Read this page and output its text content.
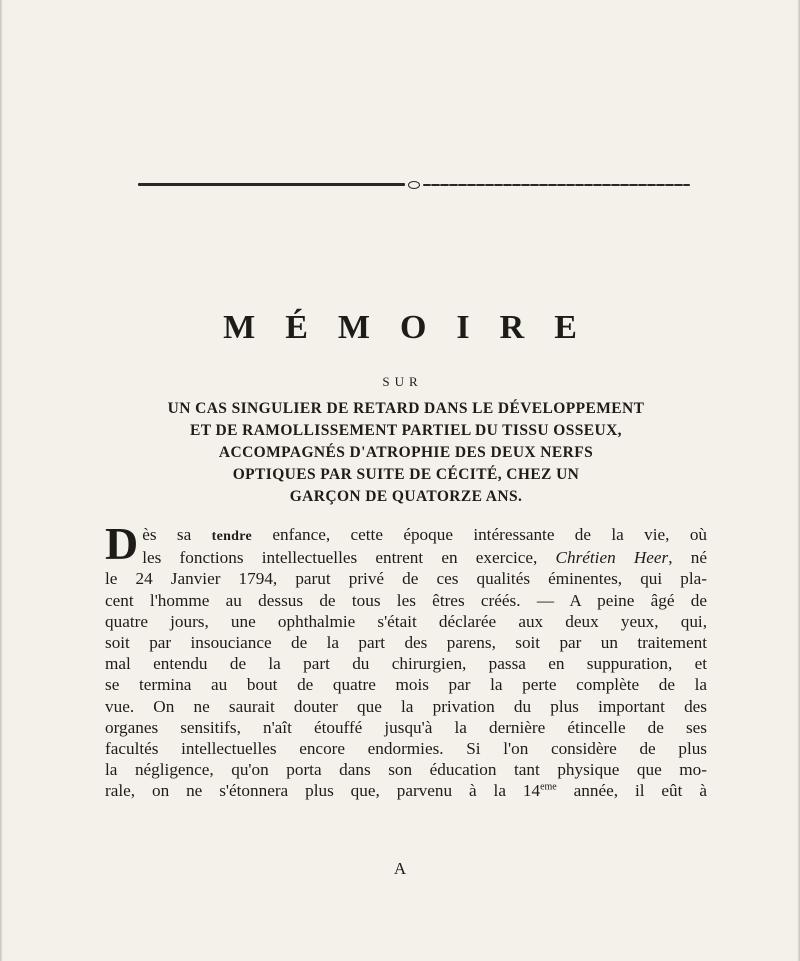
MÉMOIRE
SUR
UN CAS SINGULIER DE RETARD DANS LE DÉVELOPPEMENT
ET DE RAMOLLISSEMENT PARTIEL DU TISSU OSSEUX,
ACCOMPAGNÉS D'ATROPHIE DES DEUX NERFS
OPTIQUES PAR SUITE DE CÉCITÉ, CHEZ UN
GARÇON DE QUATORZE ANS.
D ès sa tendre enfance, cette époque intéressante de la vie, où
les fonctions intellectuelles entrent en exercice, Chrétien Heer, né
le 24 Janvier 1794, parut privé de ces qualités éminentes, qui pla-
cent l'homme au dessus de tous les êtres créés. — A peine âgé de
quatre jours, une ophthalmie s'était déclarée aux deux yeux, qui,
soit par insouciance de la part des parens, soit par un traitement
mal entendu de la part du chirurgien, passa en suppuration, et
se termina au bout de quatre mois par la perte complète de la
vue. On ne saurait douter que la privation du plus important des
organes sensitifs, n'aît étouffé jusqu'à la dernière étincelle de ses
facultés intellectuelles encore endormies. Si l'on considère de plus
la négligence, qu'on porta dans son éducation tant physique que mo-
rale, on ne s'étonnera plus que, parvenu à la 14eme année, il eût à
A
